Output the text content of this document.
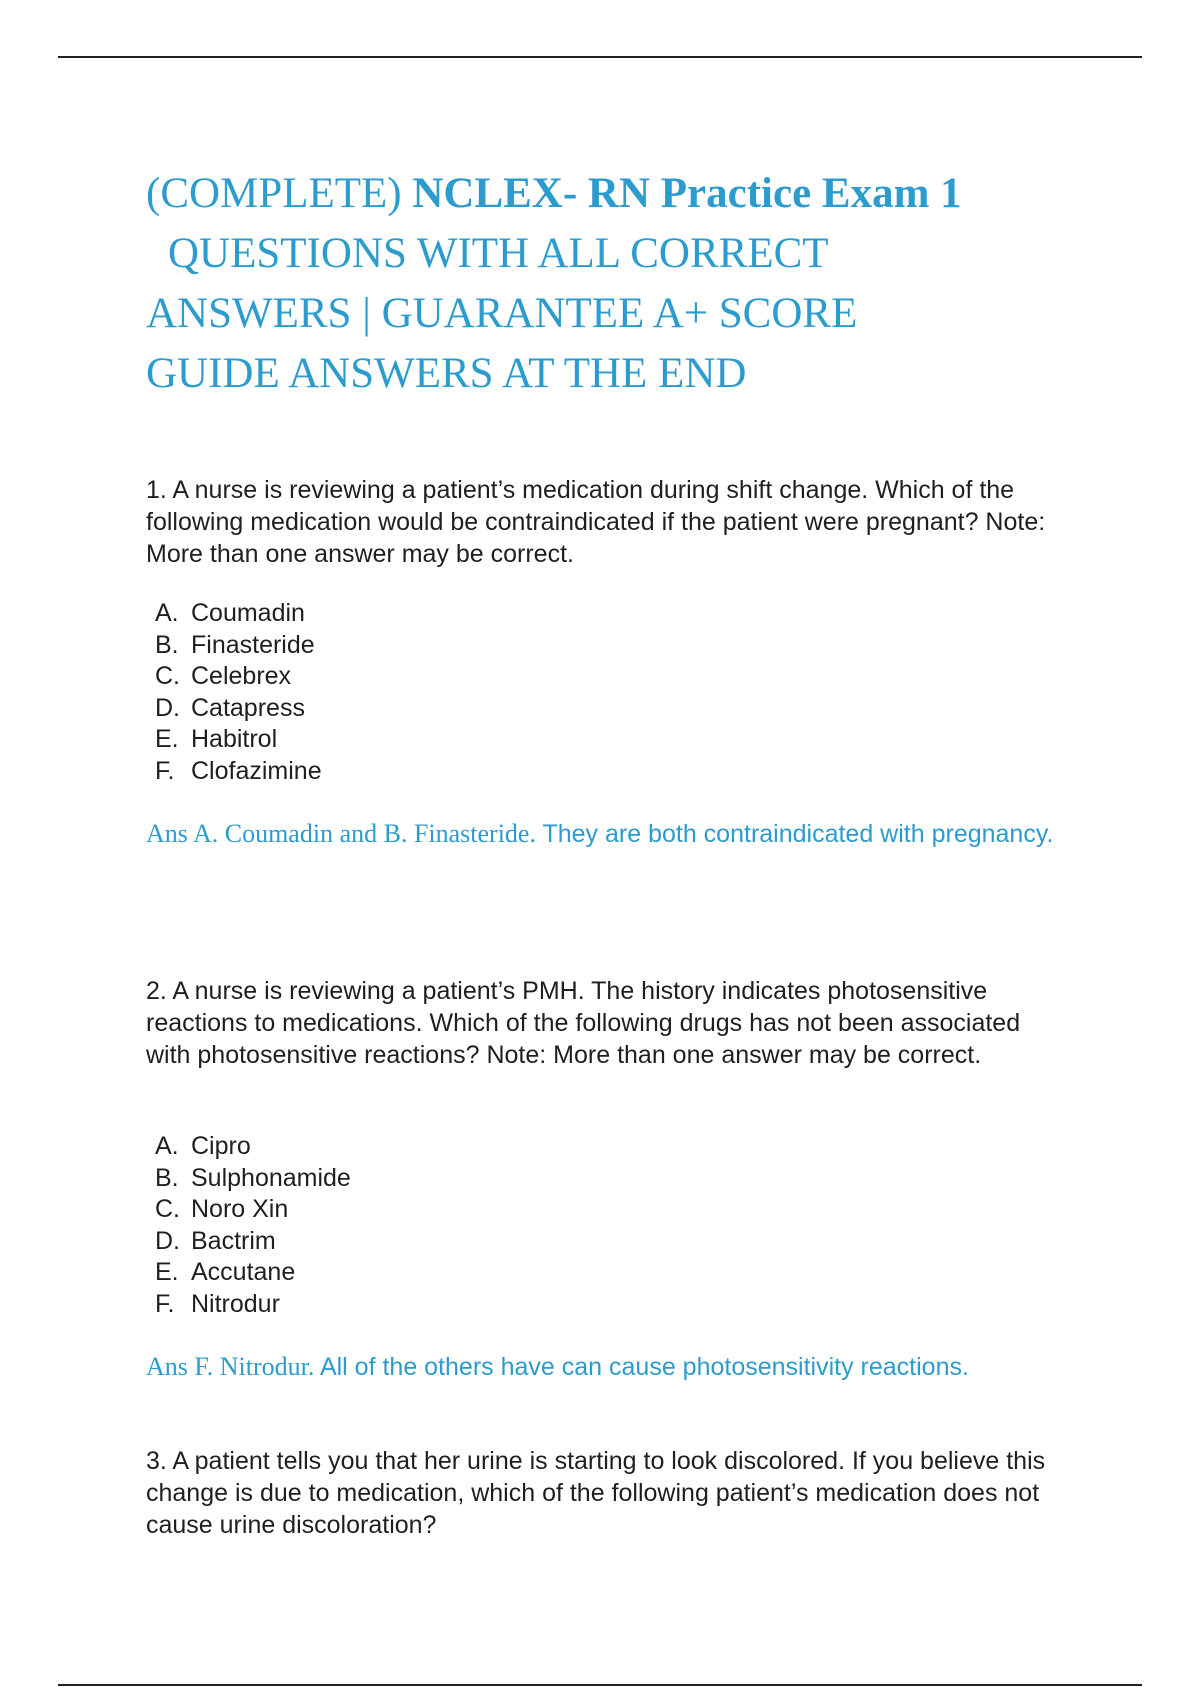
(COMPLETE) NCLEX- RN Practice Exam 1
QUESTIONS WITH ALL CORRECT
ANSWERS | GUARANTEE A+ SCORE
GUIDE ANSWERS AT THE END

1. A nurse is reviewing a patient’s medication during shift change. Which of the following medication would be contraindicated if the patient were pregnant? Note: More than one answer may be correct.

A. Coumadin
B. Finasteride
C. Celebrex
D. Catapress
E. Habitrol
F. Clofazimine

Ans A. Coumadin and B. Finasteride. They are both contraindicated with pregnancy.

2. A nurse is reviewing a patient’s PMH. The history indicates photosensitive reactions to medications. Which of the following drugs has not been associated with photosensitive reactions? Note: More than one answer may be correct.

A. Cipro
B. Sulphonamide
C. Noro Xin
D. Bactrim
E. Accutane
F. Nitrodur

Ans F. Nitrodur. All of the others have can cause photosensitivity reactions.

3. A patient tells you that her urine is starting to look discolored. If you believe this change is due to medication, which of the following patient’s medication does not cause urine discoloration?
